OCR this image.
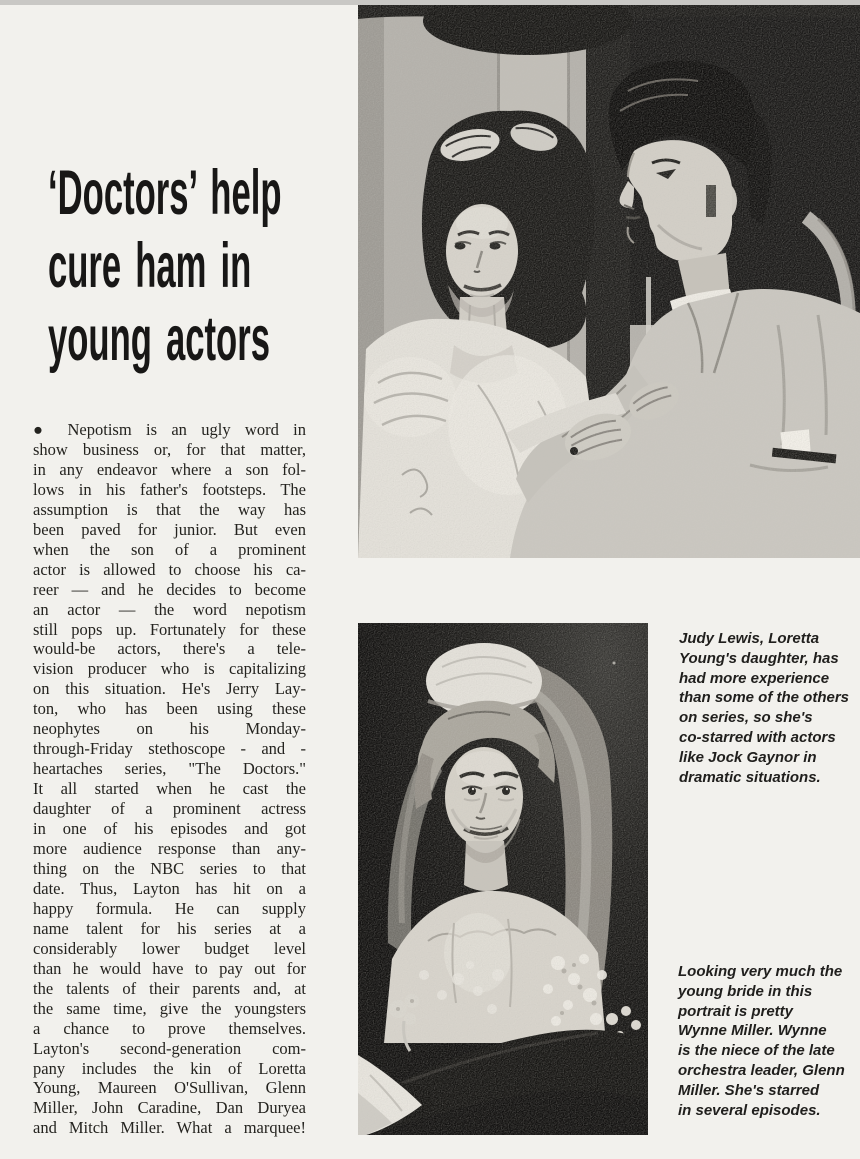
‘Doctors’ help
cure ham in
young actors
● Nepotism is an ugly word in
show business or, for that matter,
in any endeavor where a son fol-
lows in his father's footsteps. The
assumption is that the way has
been paved for junior. But even
when the son of a prominent
actor is allowed to choose his ca-
reer — and he decides to become
an actor — the word nepotism
still pops up. Fortunately for these
would-be actors, there's a tele-
vision producer who is capitalizing
on this situation. He's Jerry Lay-
ton, who has been using these
neophytes on his Monday-
through-Friday stethoscope - and -
heartaches series, "The Doctors."
It all started when he cast the
daughter of a prominent actress
in one of his episodes and got
more audience response than any-
thing on the NBC series to that
date. Thus, Layton has hit on a
happy formula. He can supply
name talent for his series at a
considerably lower budget level
than he would have to pay out for
the talents of their parents and, at
the same time, give the youngsters
a chance to prove themselves.
Layton's second-generation com-
pany includes the kin of Loretta
Young, Maureen O'Sullivan, Glenn
Miller, John Caradine, Dan Duryea
and Mitch Miller. What a marquee!
Judy Lewis, Loretta
Young's daughter, has
had more experience
than some of the others
on series, so she's
co-starred with actors
like Jock Gaynor in
dramatic situations.
Looking very much the
young bride in this
portrait is pretty
Wynne Miller. Wynne
is the niece of the late
orchestra leader, Glenn
Miller. She's starred
in several episodes.
